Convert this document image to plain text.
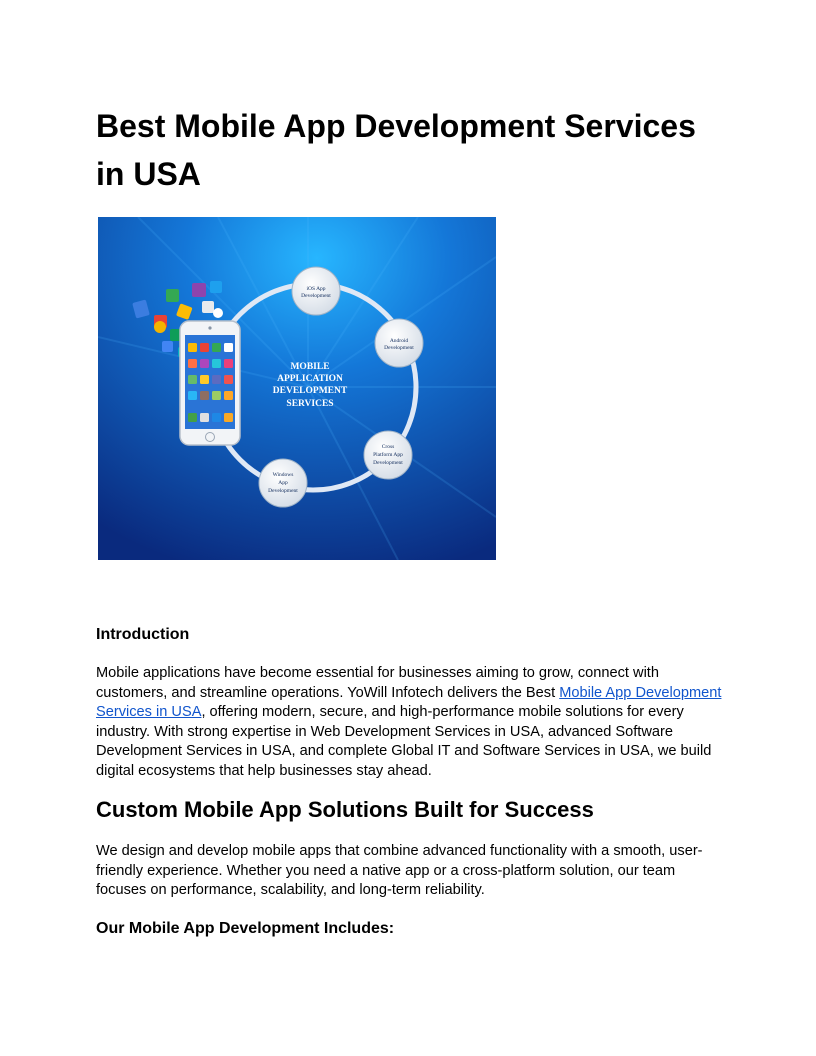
Best Mobile App Development Services in USA
MOBILE
APPLICATION
DEVELOPMENT
SERVICES
iOS App
Development
Android
Development
Cross
Platform App
Development
Windows
App
Development
Introduction

Mobile applications have become essential for businesses aiming to grow, connect with customers, and streamline operations. YoWill Infotech delivers the Best Mobile App Development Services in USA, offering modern, secure, and high-performance mobile solutions for every industry. With strong expertise in Web Development Services in USA, advanced Software Development Services in USA, and complete Global IT and Software Services in USA, we build digital ecosystems that help businesses stay ahead.

Custom Mobile App Solutions Built for Success

We design and develop mobile apps that combine advanced functionality with a smooth, user-friendly experience. Whether you need a native app or a cross-platform solution, our team focuses on performance, scalability, and long-term reliability.

Our Mobile App Development Includes:
